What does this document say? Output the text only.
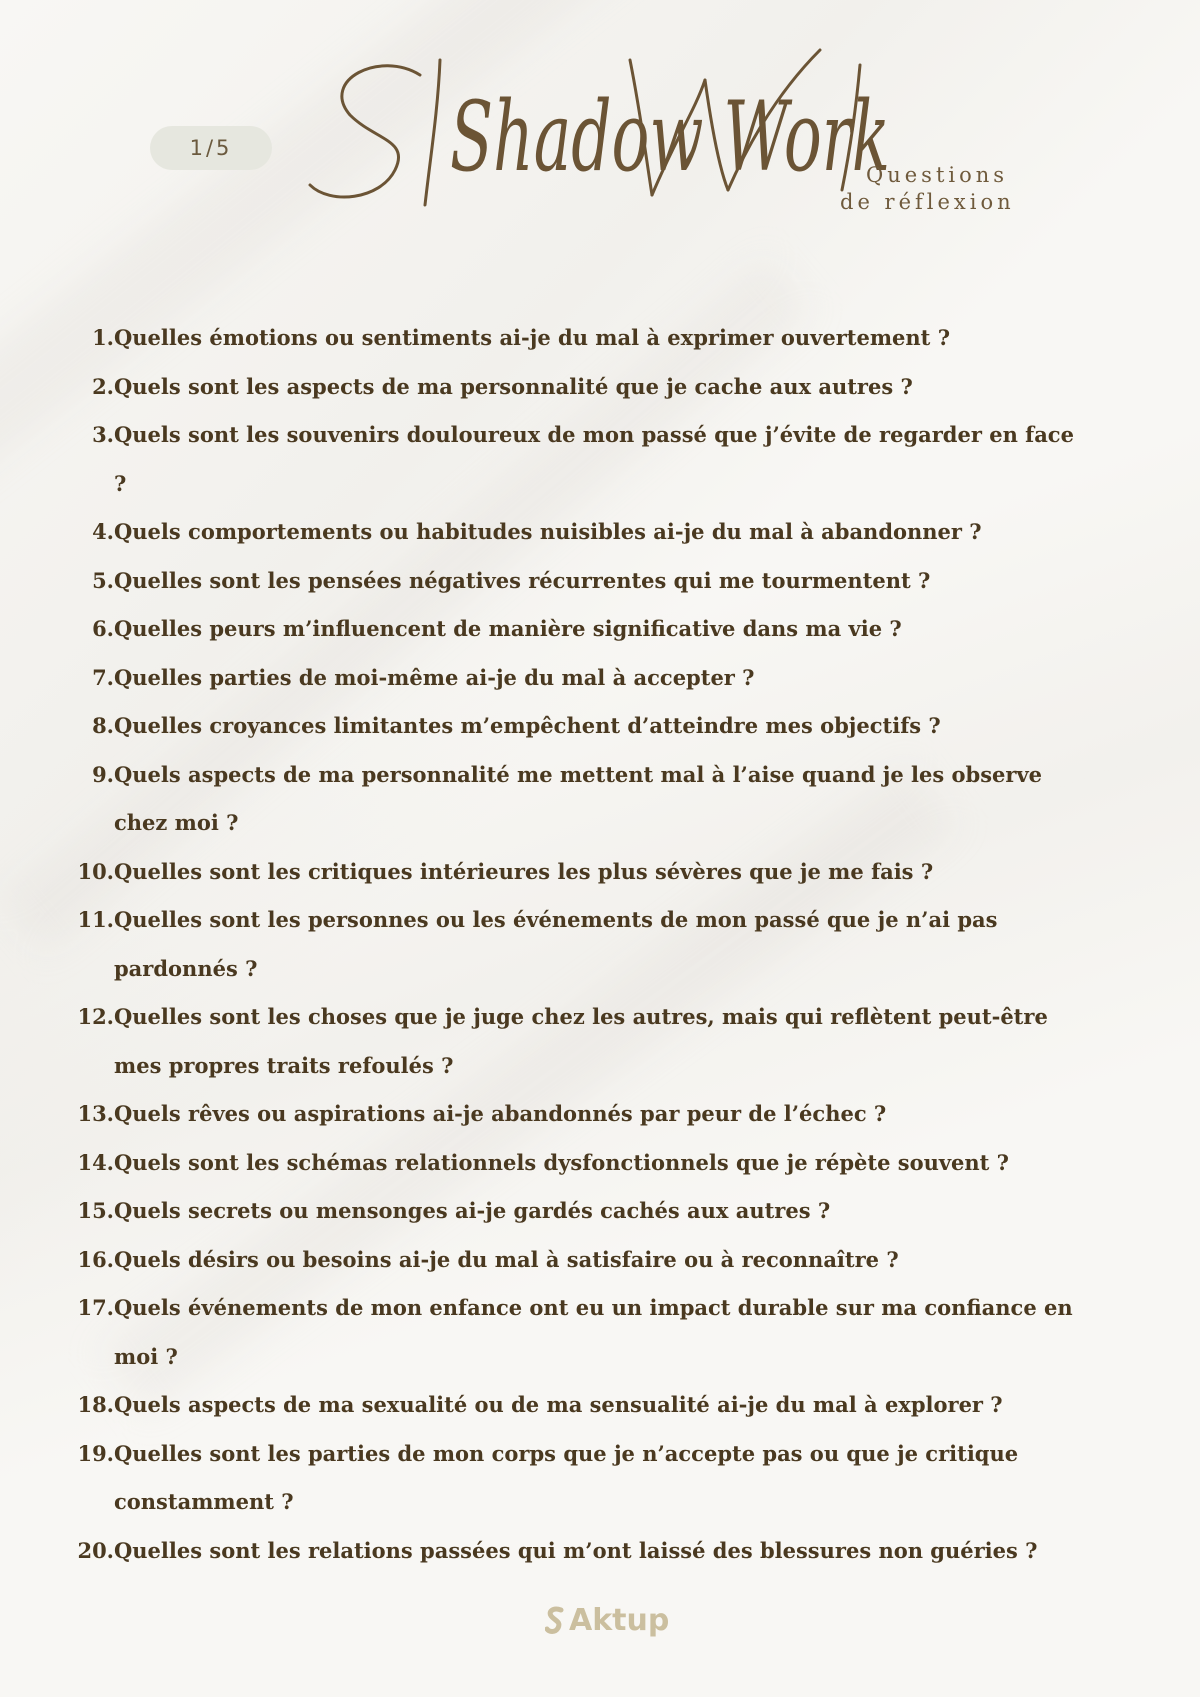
1/5	Shadow Work
Questions
de réflexion
1. Quelles émotions ou sentiments ai-je du mal à exprimer ouvertement ?
2. Quels sont les aspects de ma personnalité que je cache aux autres ?
3. Quels sont les souvenirs douloureux de mon passé que j’évite de regarder en face ?
4. Quels comportements ou habitudes nuisibles ai-je du mal à abandonner ?
5. Quelles sont les pensées négatives récurrentes qui me tourmentent ?
6. Quelles peurs m’influencent de manière significative dans ma vie ?
7. Quelles parties de moi-même ai-je du mal à accepter ?
8. Quelles croyances limitantes m’empêchent d’atteindre mes objectifs ?
9. Quels aspects de ma personnalité me mettent mal à l’aise quand je les observe chez moi ?
10. Quelles sont les critiques intérieures les plus sévères que je me fais ?
11. Quelles sont les personnes ou les événements de mon passé que je n’ai pas pardonnés ?
12. Quelles sont les choses que je juge chez les autres, mais qui reflètent peut-être mes propres traits refoulés ?
13. Quels rêves ou aspirations ai-je abandonnés par peur de l’échec ?
14. Quels sont les schémas relationnels dysfonctionnels que je répète souvent ?
15. Quels secrets ou mensonges ai-je gardés cachés aux autres ?
16. Quels désirs ou besoins ai-je du mal à satisfaire ou à reconnaître ?
17. Quels événements de mon enfance ont eu un impact durable sur ma confiance en moi ?
18. Quels aspects de ma sexualité ou de ma sensualité ai-je du mal à explorer ?
19. Quelles sont les parties de mon corps que je n’accepte pas ou que je critique constamment ?
20. Quelles sont les relations passées qui m’ont laissé des blessures non guéries ?
Aktup
